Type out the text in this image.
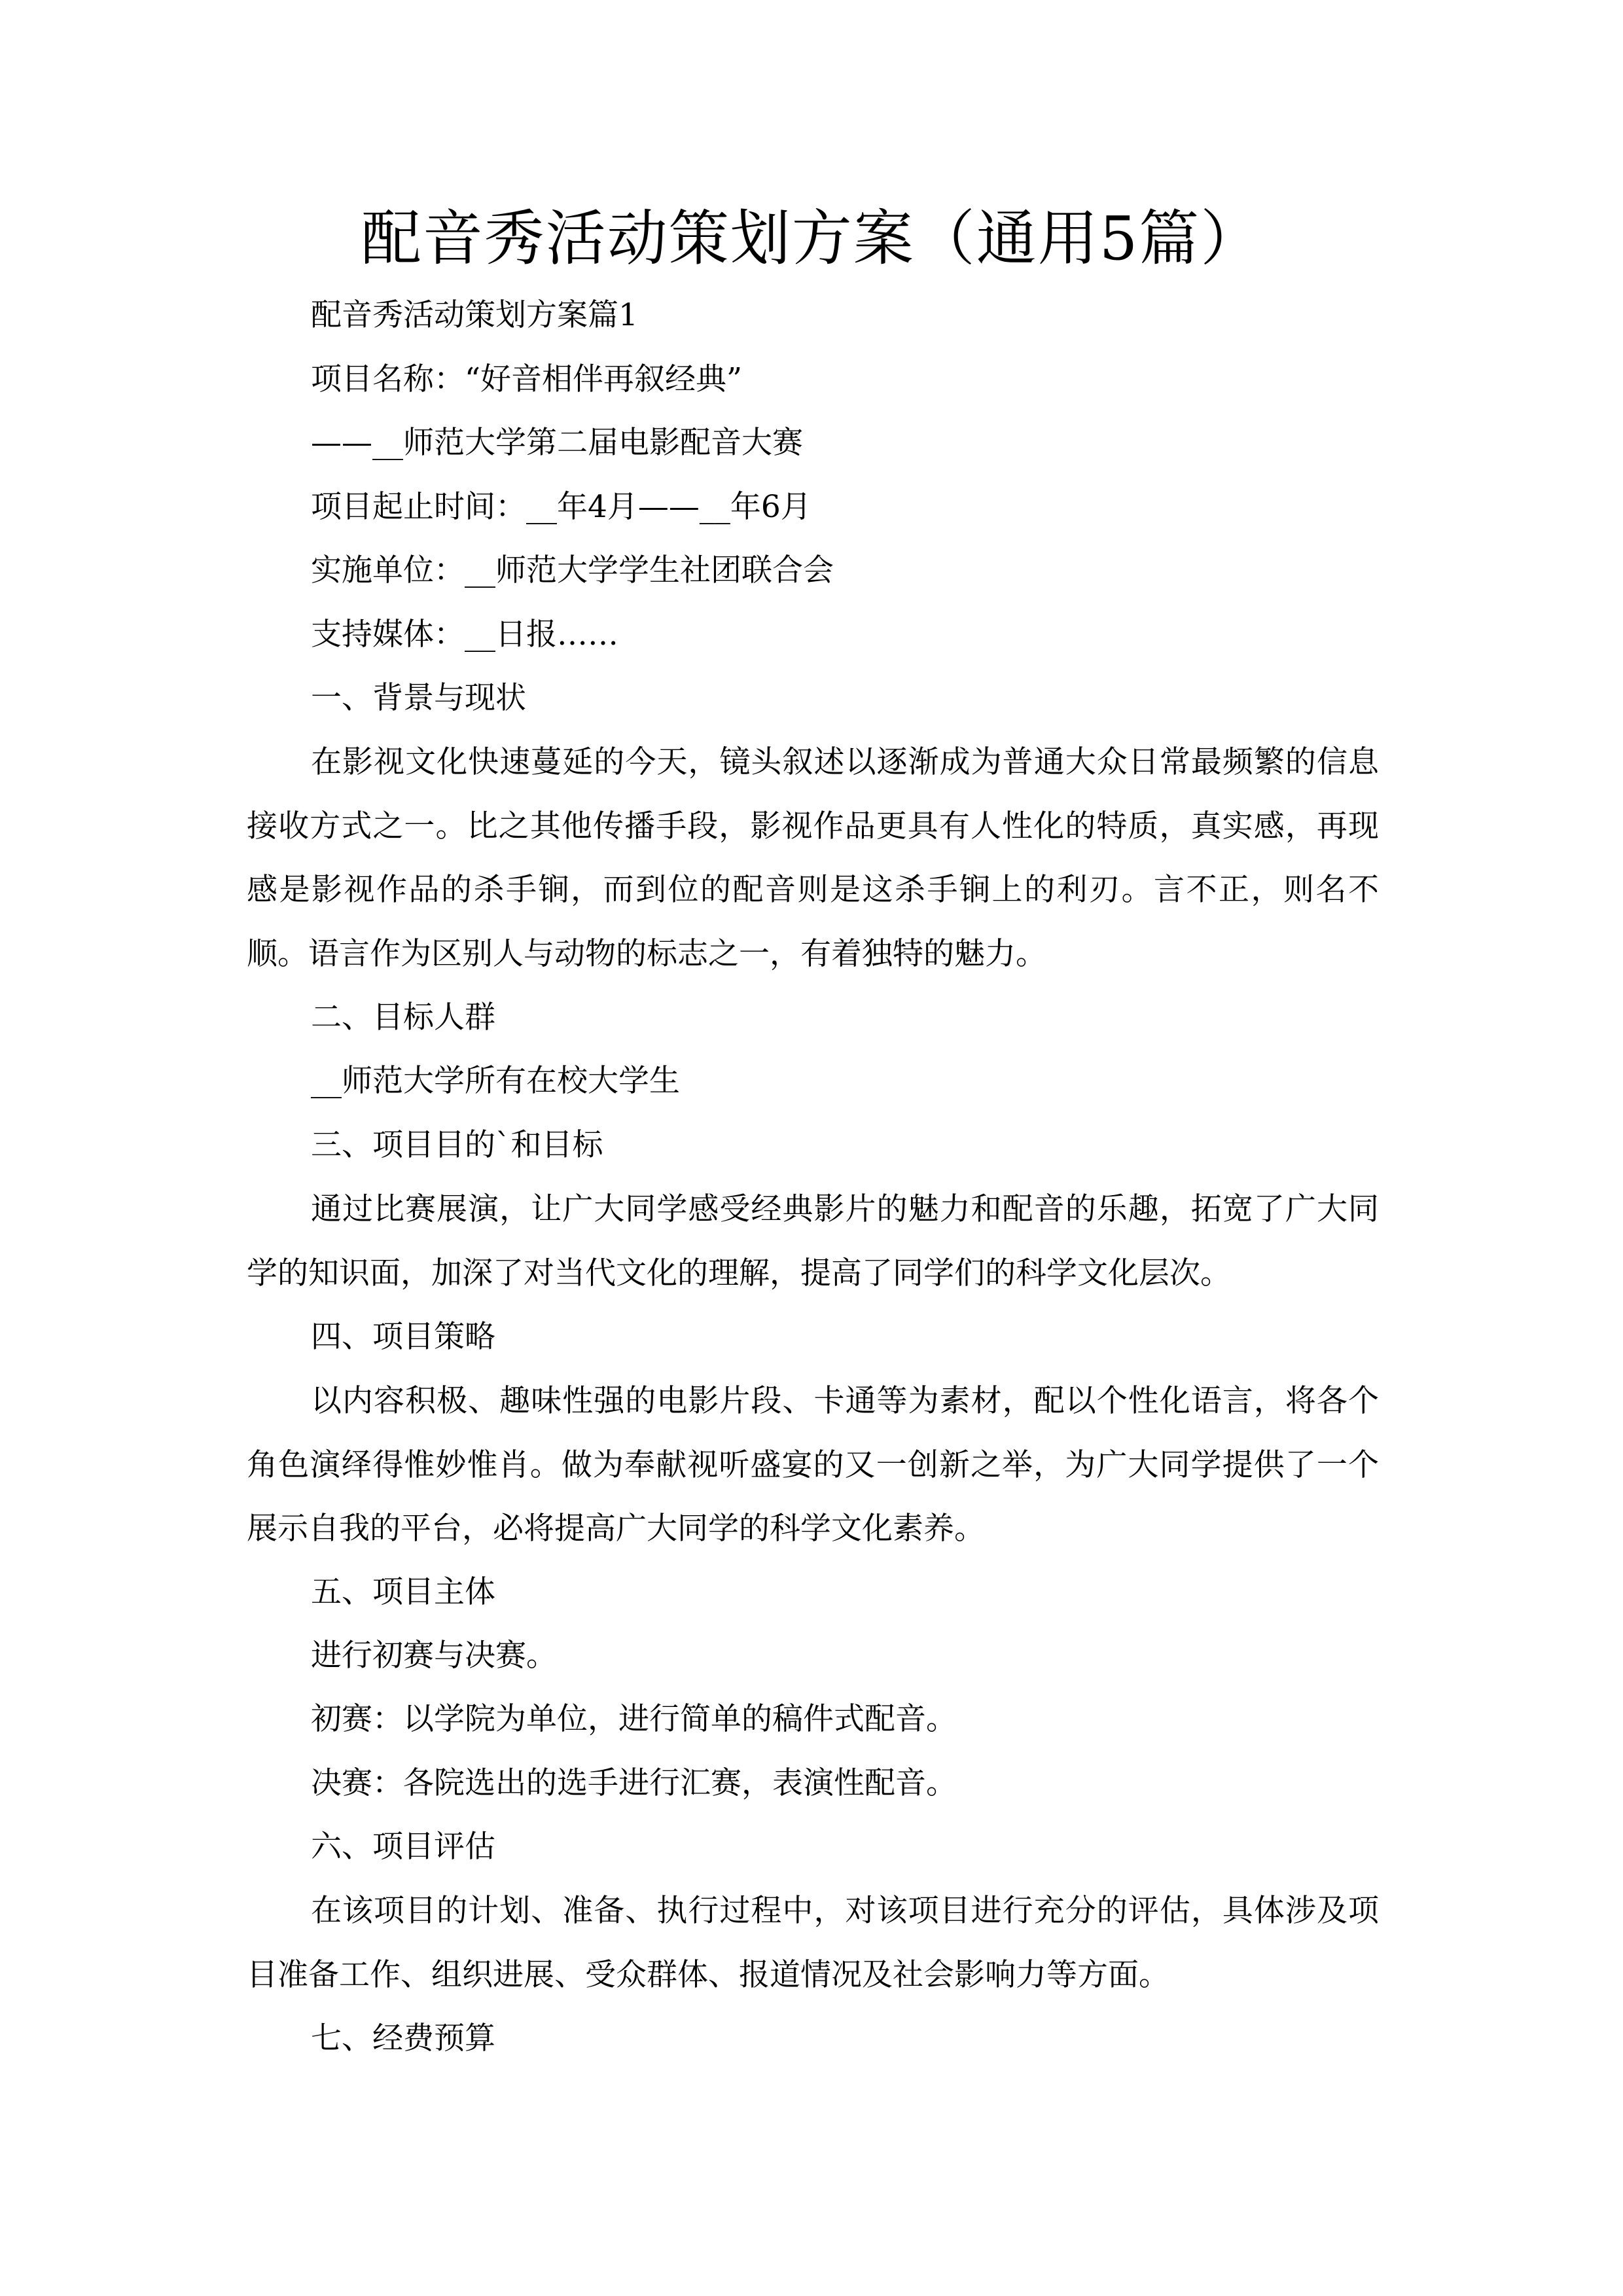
配音秀活动策划方案（通用5篇）
配音秀活动策划方案篇1
项目名称：“好音相伴再叙经典”
——__师范大学第二届电影配音大赛
项目起止时间：__年4月——__年6月
实施单位：__师范大学学生社团联合会
支持媒体：__日报……
一、背景与现状
在影视文化快速蔓延的今天，镜头叙述以逐渐成为普通大众日常最频繁的信息接收方式之一。比之其他传播手段，影视作品更具有人性化的特质，真实感，再现感是影视作品的杀手锏，而到位的配音则是这杀手锏上的利刃。言不正，则名不顺。语言作为区别人与动物的标志之一，有着独特的魅力。
二、目标人群
__师范大学所有在校大学生
三、项目目的`和目标
通过比赛展演，让广大同学感受经典影片的魅力和配音的乐趣，拓宽了广大同学的知识面，加深了对当代文化的理解，提高了同学们的科学文化层次。
四、项目策略
以内容积极、趣味性强的电影片段、卡通等为素材，配以个性化语言，将各个角色演绎得惟妙惟肖。做为奉献视听盛宴的又一创新之举，为广大同学提供了一个展示自我的平台，必将提高广大同学的科学文化素养。
五、项目主体
进行初赛与决赛。
初赛：以学院为单位，进行简单的稿件式配音。
决赛：各院选出的选手进行汇赛，表演性配音。
六、项目评估
在该项目的计划、准备、执行过程中，对该项目进行充分的评估，具体涉及项目准备工作、组织进展、受众群体、报道情况及社会影响力等方面。
七、经费预算
